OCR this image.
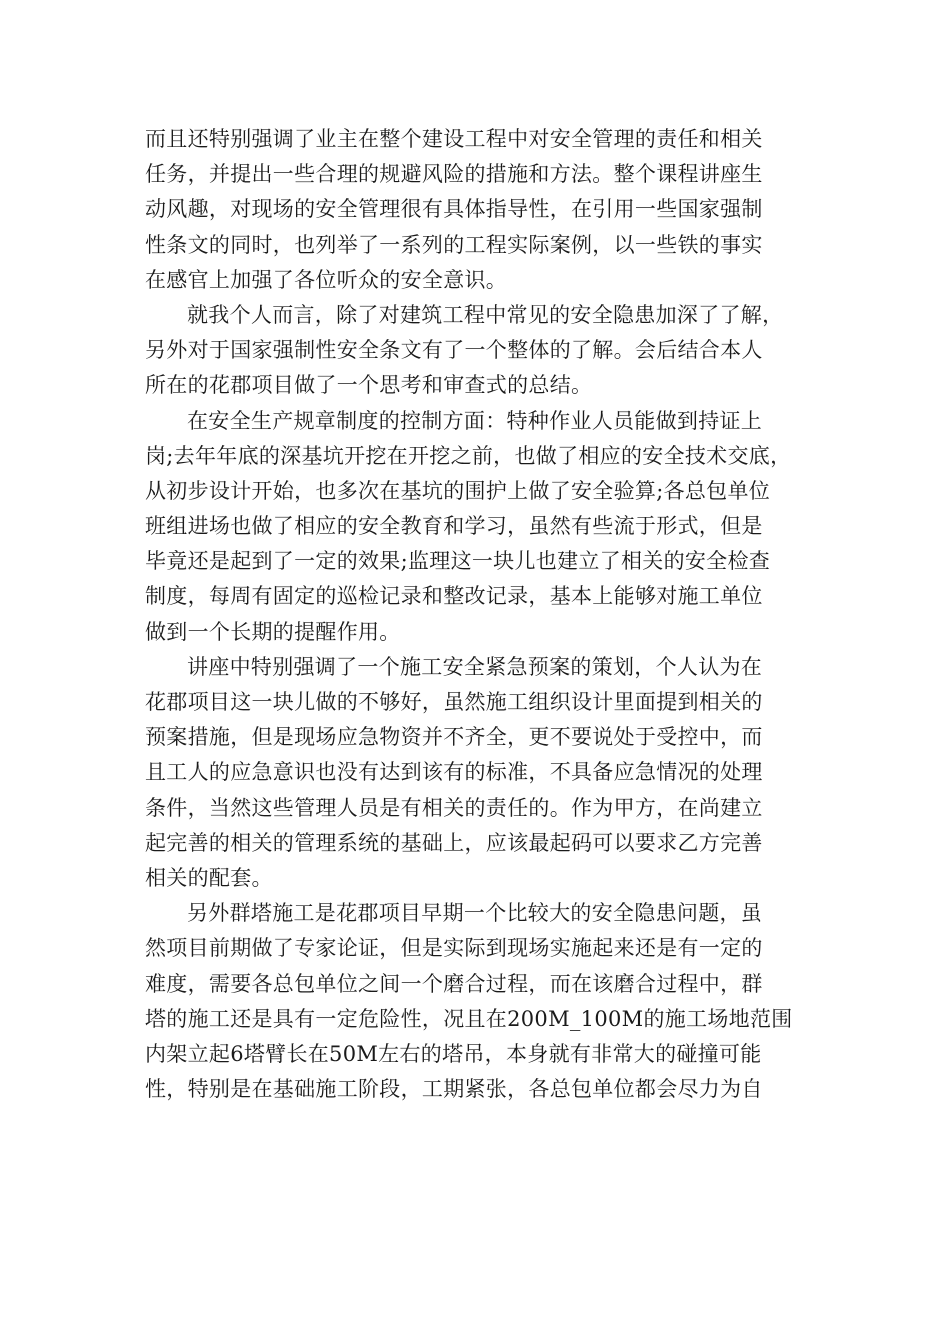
而且还特别强调了业主在整个建设工程中对安全管理的责任和相关
任务，并提出一些合理的规避风险的措施和方法。整个课程讲座生
动风趣，对现场的安全管理很有具体指导性，在引用一些国家强制
性条文的同时，也列举了一系列的工程实际案例，以一些铁的事实
在感官上加强了各位听众的安全意识。
就我个人而言，除了对建筑工程中常见的安全隐患加深了了解，
另外对于国家强制性安全条文有了一个整体的了解。会后结合本人
所在的花郡项目做了一个思考和审查式的总结。
在安全生产规章制度的控制方面：特种作业人员能做到持证上
岗;去年年底的深基坑开挖在开挖之前，也做了相应的安全技术交底，
从初步设计开始，也多次在基坑的围护上做了安全验算;各总包单位
班组进场也做了相应的安全教育和学习，虽然有些流于形式，但是
毕竟还是起到了一定的效果;监理这一块儿也建立了相关的安全检查
制度，每周有固定的巡检记录和整改记录，基本上能够对施工单位
做到一个长期的提醒作用。
讲座中特别强调了一个施工安全紧急预案的策划，个人认为在
花郡项目这一块儿做的不够好，虽然施工组织设计里面提到相关的
预案措施，但是现场应急物资并不齐全，更不要说处于受控中，而
且工人的应急意识也没有达到该有的标准，不具备应急情况的处理
条件，当然这些管理人员是有相关的责任的。作为甲方，在尚建立
起完善的相关的管理系统的基础上，应该最起码可以要求乙方完善
相关的配套。
另外群塔施工是花郡项目早期一个比较大的安全隐患问题，虽
然项目前期做了专家论证，但是实际到现场实施起来还是有一定的
难度，需要各总包单位之间一个磨合过程，而在该磨合过程中，群
塔的施工还是具有一定危险性，况且在200M_100M的施工场地范围
内架立起6塔臂长在50M左右的塔吊，本身就有非常大的碰撞可能
性，特别是在基础施工阶段，工期紧张，各总包单位都会尽力为自
